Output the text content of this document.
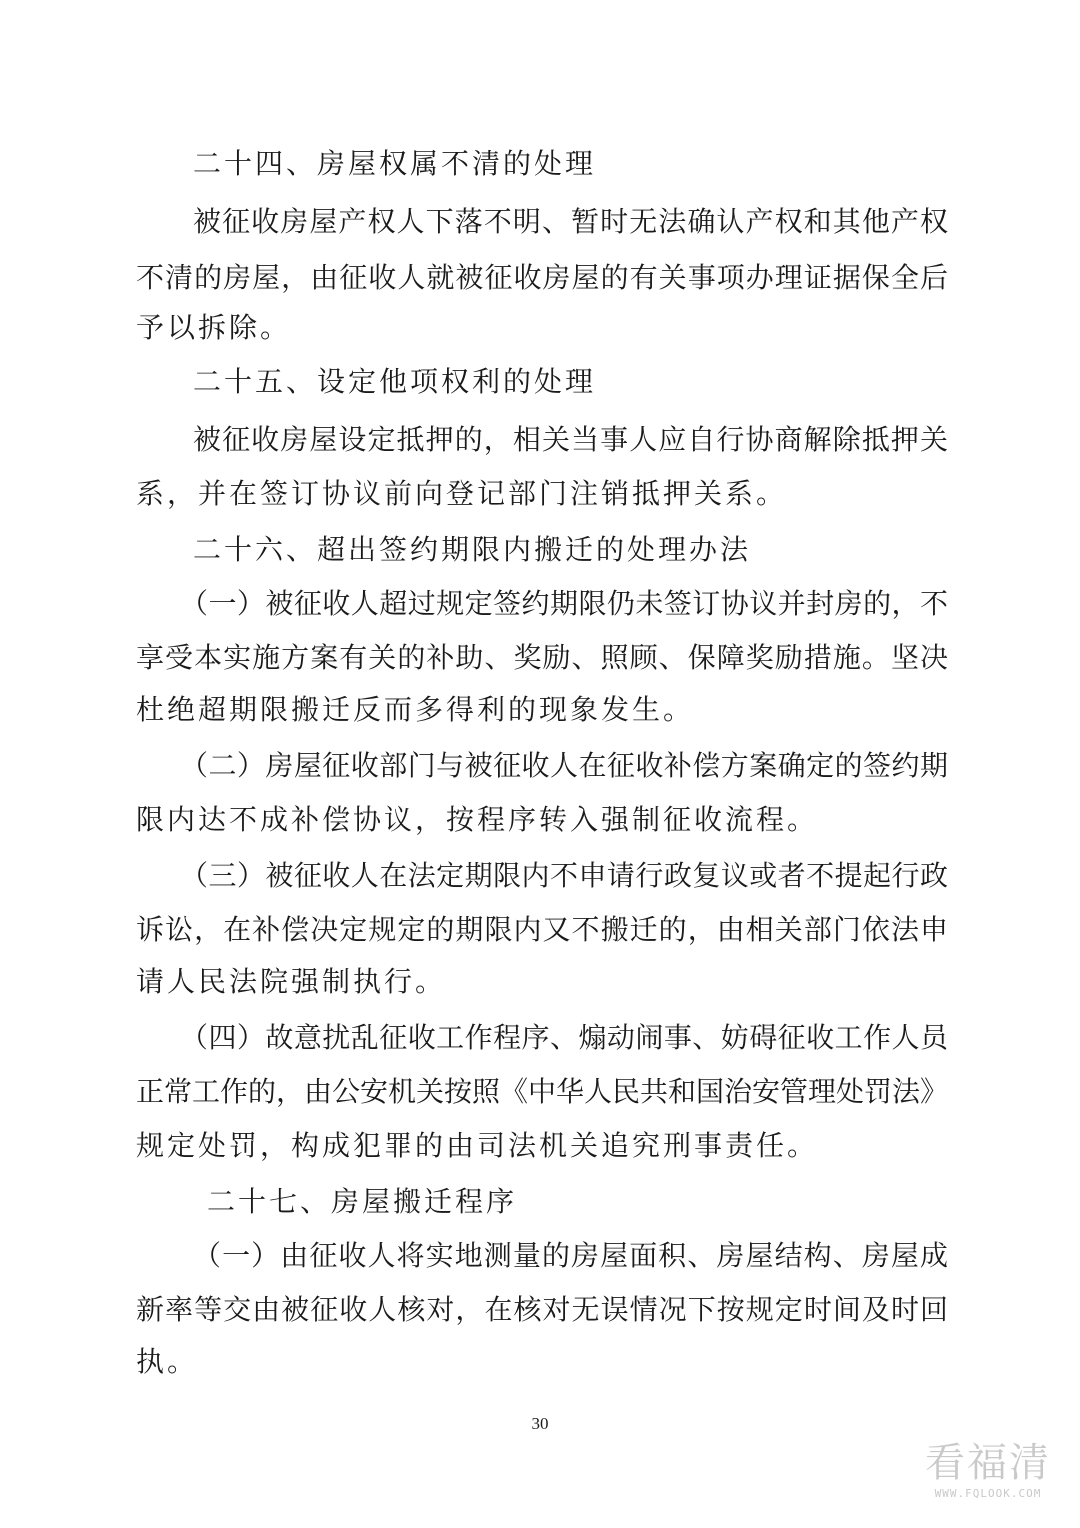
二十四、房屋权属不清的处理
被征收房屋产权人下落不明、暂时无法确认产权和其他产权
不清的房屋，由征收人就被征收房屋的有关事项办理证据保全后
予以拆除。
二十五、设定他项权利的处理
被征收房屋设定抵押的，相关当事人应自行协商解除抵押关
系，并在签订协议前向登记部门注销抵押关系。
二十六、超出签约期限内搬迁的处理办法
（一）被征收人超过规定签约期限仍未签订协议并封房的，不
享受本实施方案有关的补助、奖励、照顾、保障奖励措施。坚决
杜绝超期限搬迁反而多得利的现象发生。
（二）房屋征收部门与被征收人在征收补偿方案确定的签约期
限内达不成补偿协议，按程序转入强制征收流程。
（三）被征收人在法定期限内不申请行政复议或者不提起行政
诉讼，在补偿决定规定的期限内又不搬迁的，由相关部门依法申
请人民法院强制执行。
（四）故意扰乱征收工作程序、煽动闹事、妨碍征收工作人员
正常工作的，由公安机关按照《中华人民共和国治安管理处罚法》
规定处罚，构成犯罪的由司法机关追究刑事责任。
二十七、房屋搬迁程序
（一）由征收人将实地测量的房屋面积、房屋结构、房屋成
新率等交由被征收人核对，在核对无误情况下按规定时间及时回
执。
30
看福清
WWW.FQLOOK.COM
